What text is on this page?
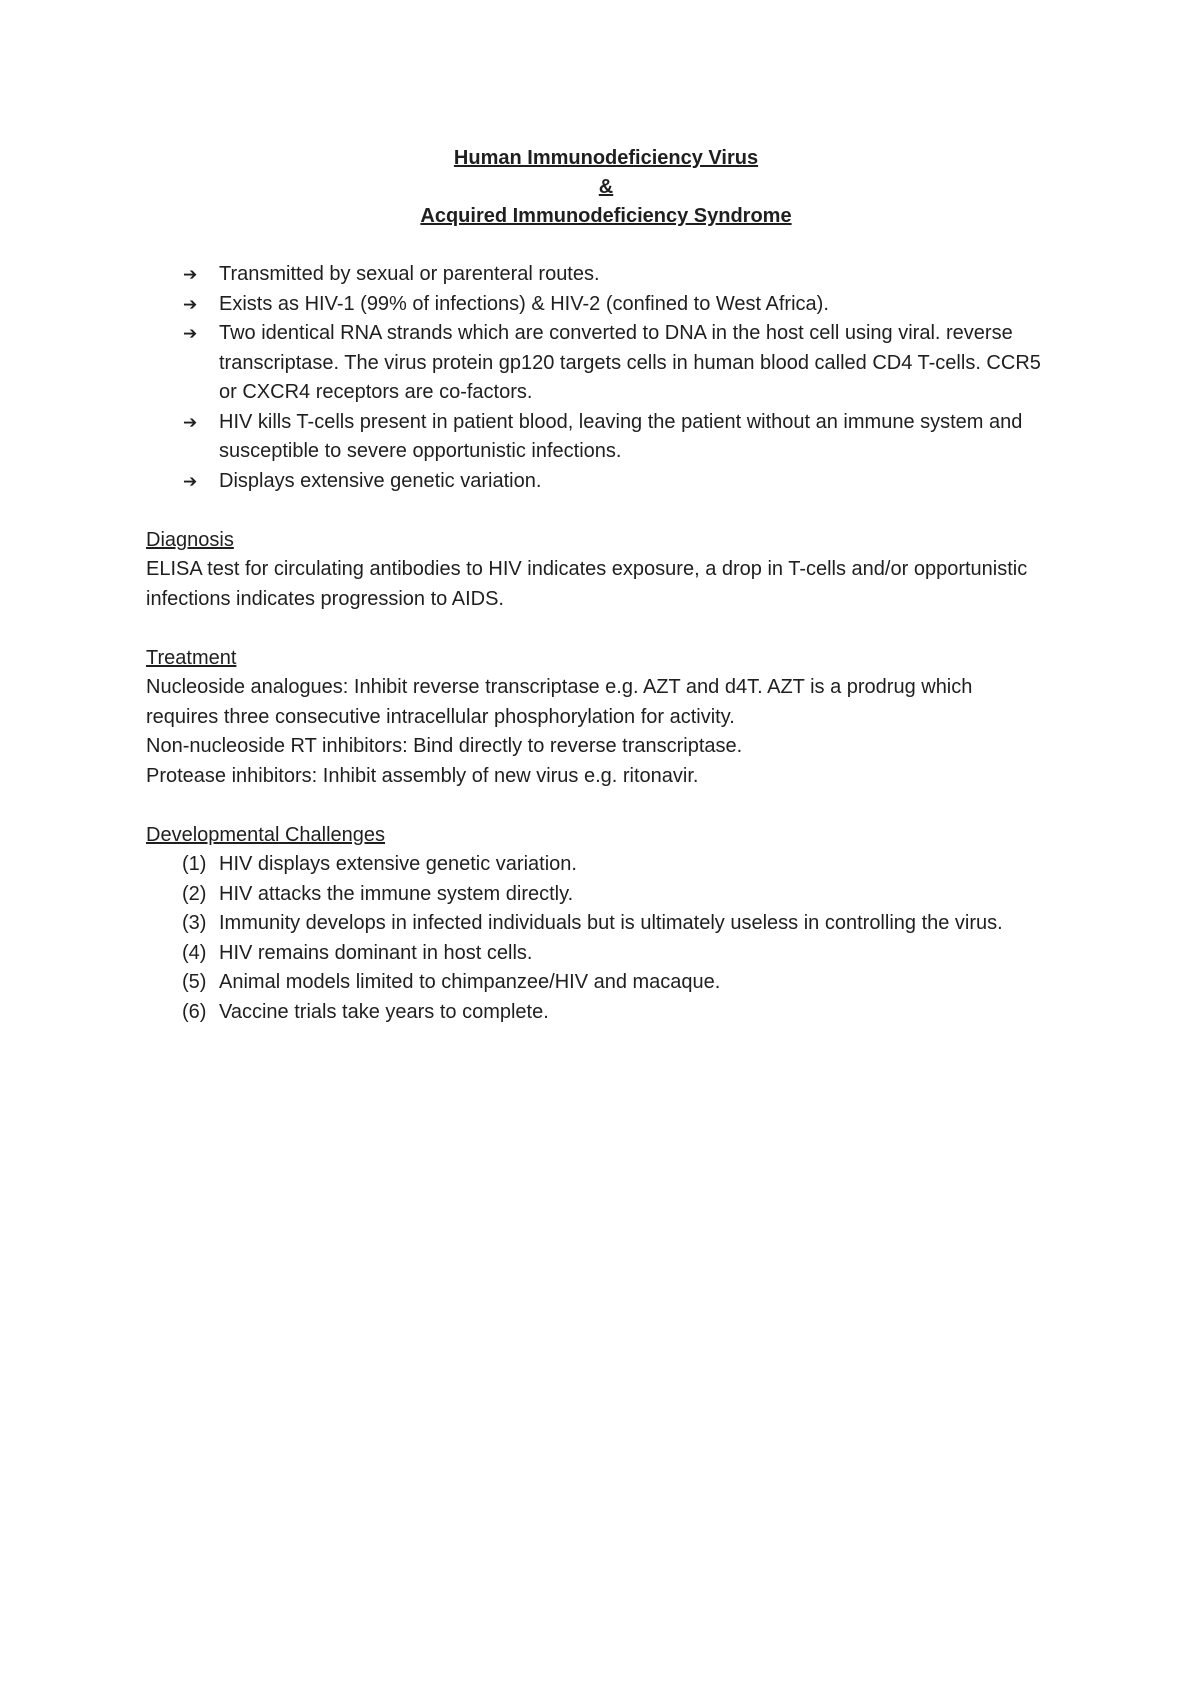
Human Immunodeficiency Virus
&
Acquired Immunodeficiency Syndrome
➔ Transmitted by sexual or parenteral routes.
➔ Exists as HIV-1 (99% of infections) & HIV-2 (confined to West Africa).
➔ Two identical RNA strands which are converted to DNA in the host cell using viral. reverse transcriptase. The virus protein gp120 targets cells in human blood called CD4 T-cells. CCR5 or CXCR4 receptors are co-factors.
➔ HIV kills T-cells present in patient blood, leaving the patient without an immune system and susceptible to severe opportunistic infections.
➔ Displays extensive genetic variation.
Diagnosis
ELISA test for circulating antibodies to HIV indicates exposure, a drop in T-cells and/or opportunistic infections indicates progression to AIDS.
Treatment
Nucleoside analogues: Inhibit reverse transcriptase e.g. AZT and d4T. AZT is a prodrug which requires three consecutive intracellular phosphorylation for activity.
Non-nucleoside RT inhibitors: Bind directly to reverse transcriptase.
Protease inhibitors: Inhibit assembly of new virus e.g. ritonavir.
Developmental Challenges
(1) HIV displays extensive genetic variation.
(2) HIV attacks the immune system directly.
(3) Immunity develops in infected individuals but is ultimately useless in controlling the virus.
(4) HIV remains dominant in host cells.
(5) Animal models limited to chimpanzee/HIV and macaque.
(6) Vaccine trials take years to complete.
